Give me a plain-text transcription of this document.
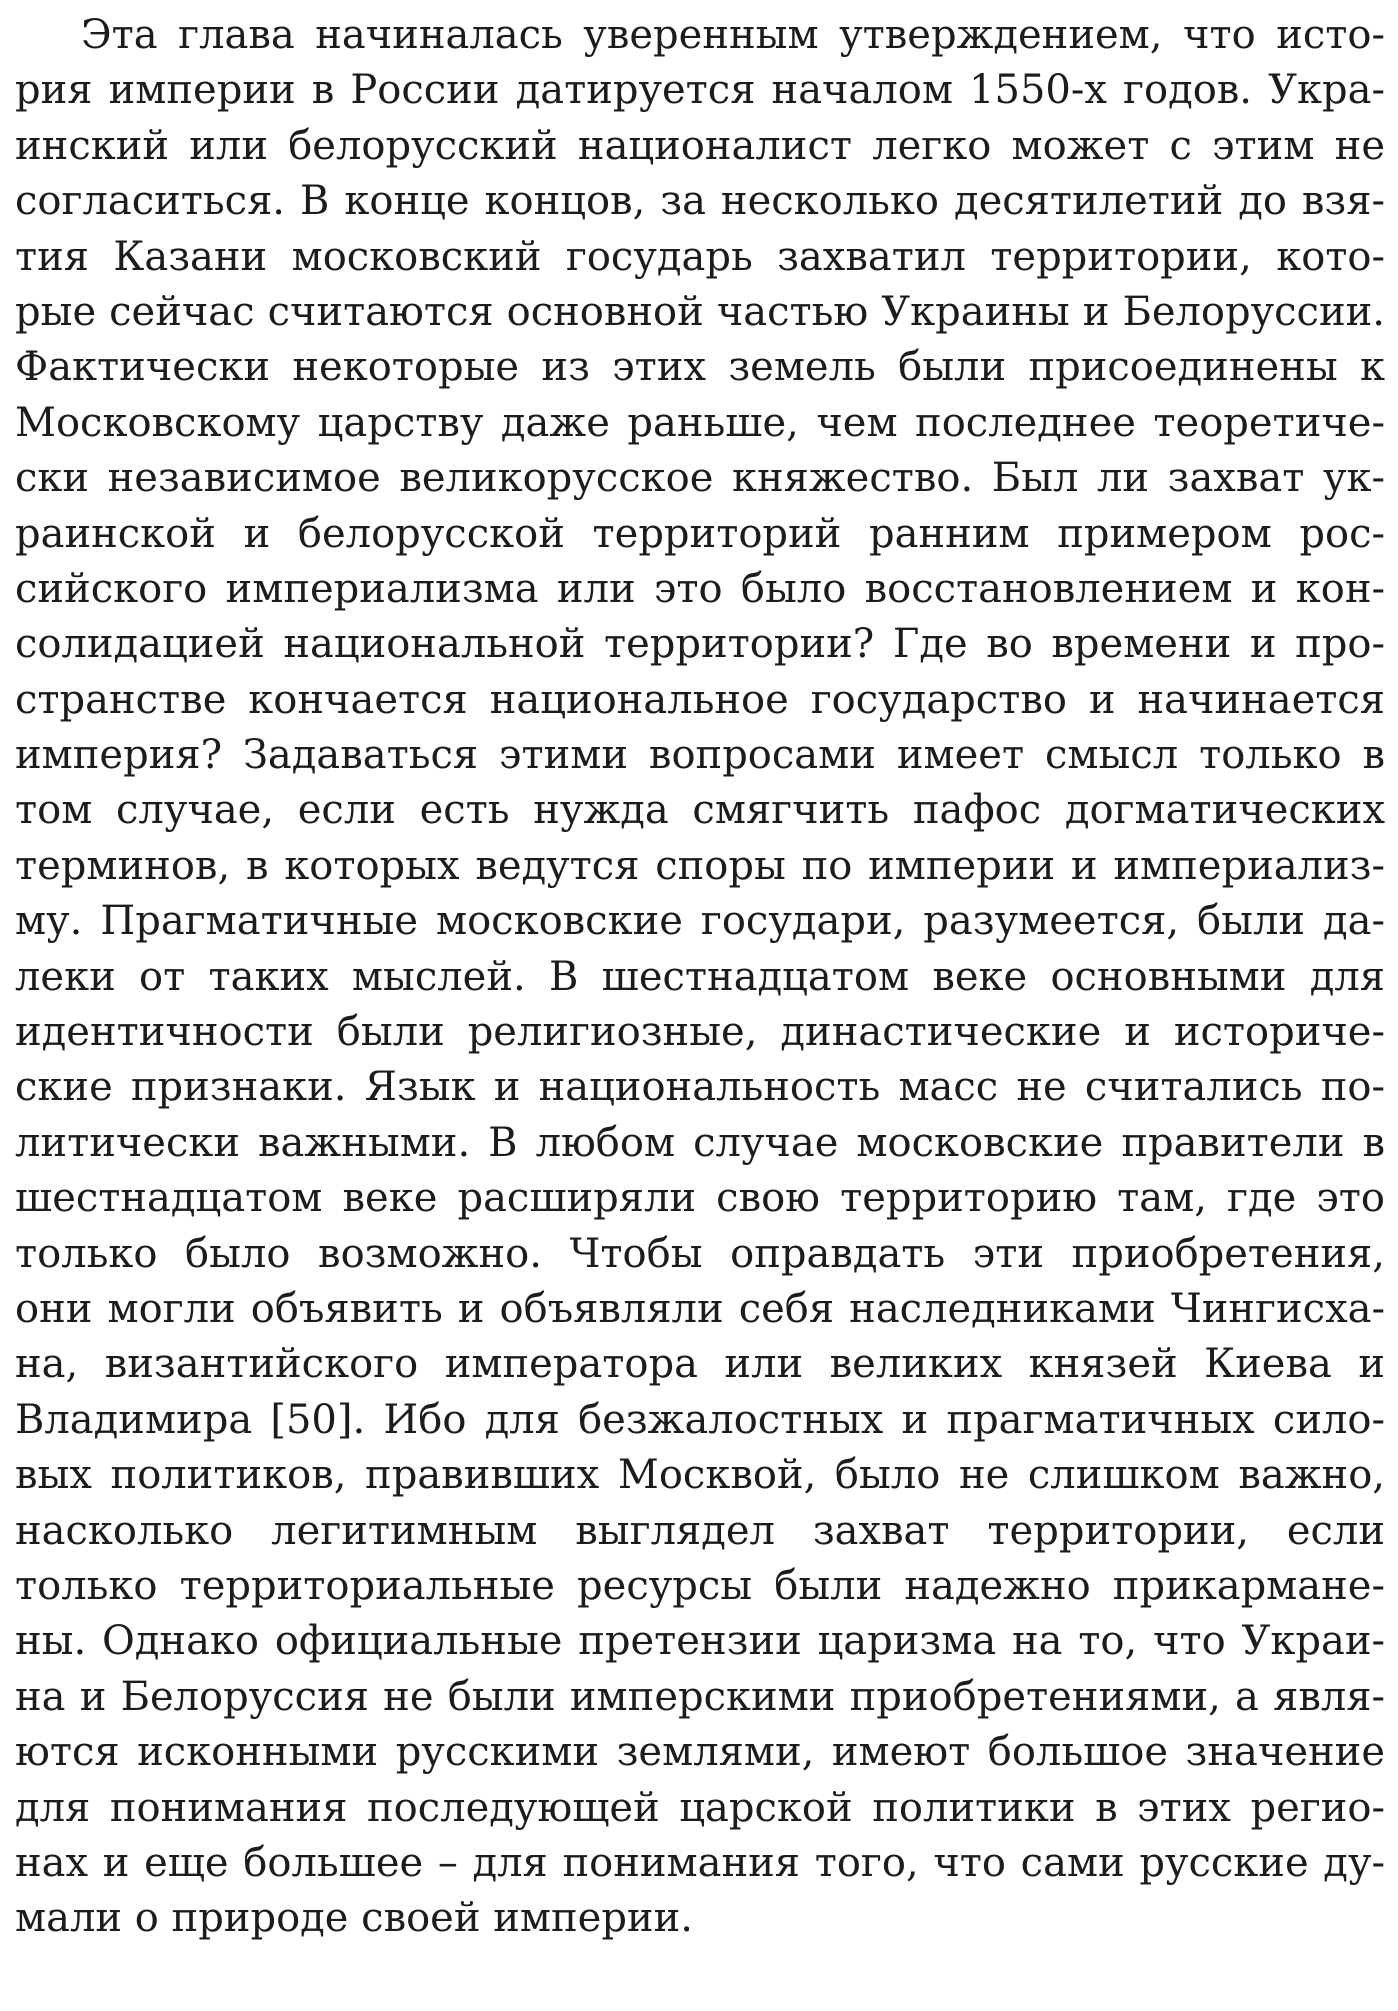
Эта глава начиналась уверенным утверждением, что исто-
рия империи в России датируется началом 1550-х годов. Укра-
инский или белорусский националист легко может с этим не
согласиться. В конце концов, за несколько десятилетий до взя-
тия Казани московский государь захватил территории, кото-
рые сейчас считаются основной частью Украины и Белоруссии.
Фактически некоторые из этих земель были присоединены к
Московскому царству даже раньше, чем последнее теоретиче-
ски независимое великорусское княжество. Был ли захват ук-
раинской и белорусской территорий ранним примером рос-
сийского империализма или это было восстановлением и кон-
солидацией национальной территории? Где во времени и про-
странстве кончается национальное государство и начинается
империя? Задаваться этими вопросами имеет смысл только в
том случае, если есть нужда смягчить пафос догматических
терминов, в которых ведутся споры по империи и империализ-
му. Прагматичные московские государи, разумеется, были да-
леки от таких мыслей. В шестнадцатом веке основными для
идентичности были религиозные, династические и историче-
ские признаки. Язык и национальность масс не считались по-
литически важными. В любом случае московские правители в
шестнадцатом веке расширяли свою территорию там, где это
только было возможно. Чтобы оправдать эти приобретения,
они могли объявить и объявляли себя наследниками Чингисха-
на, византийского императора или великих князей Киева и
Владимира [50]. Ибо для безжалостных и прагматичных сило-
вых политиков, правивших Москвой, было не слишком важно,
насколько легитимным выглядел захват территории, если
только территориальные ресурсы были надежно прикармане-
ны. Однако официальные претензии царизма на то, что Украи-
на и Белоруссия не были имперскими приобретениями, а явля-
ются исконными русскими землями, имеют большое значение
для понимания последующей царской политики в этих регио-
нах и еще большее – для понимания того, что сами русские ду-
мали о природе своей империи.
